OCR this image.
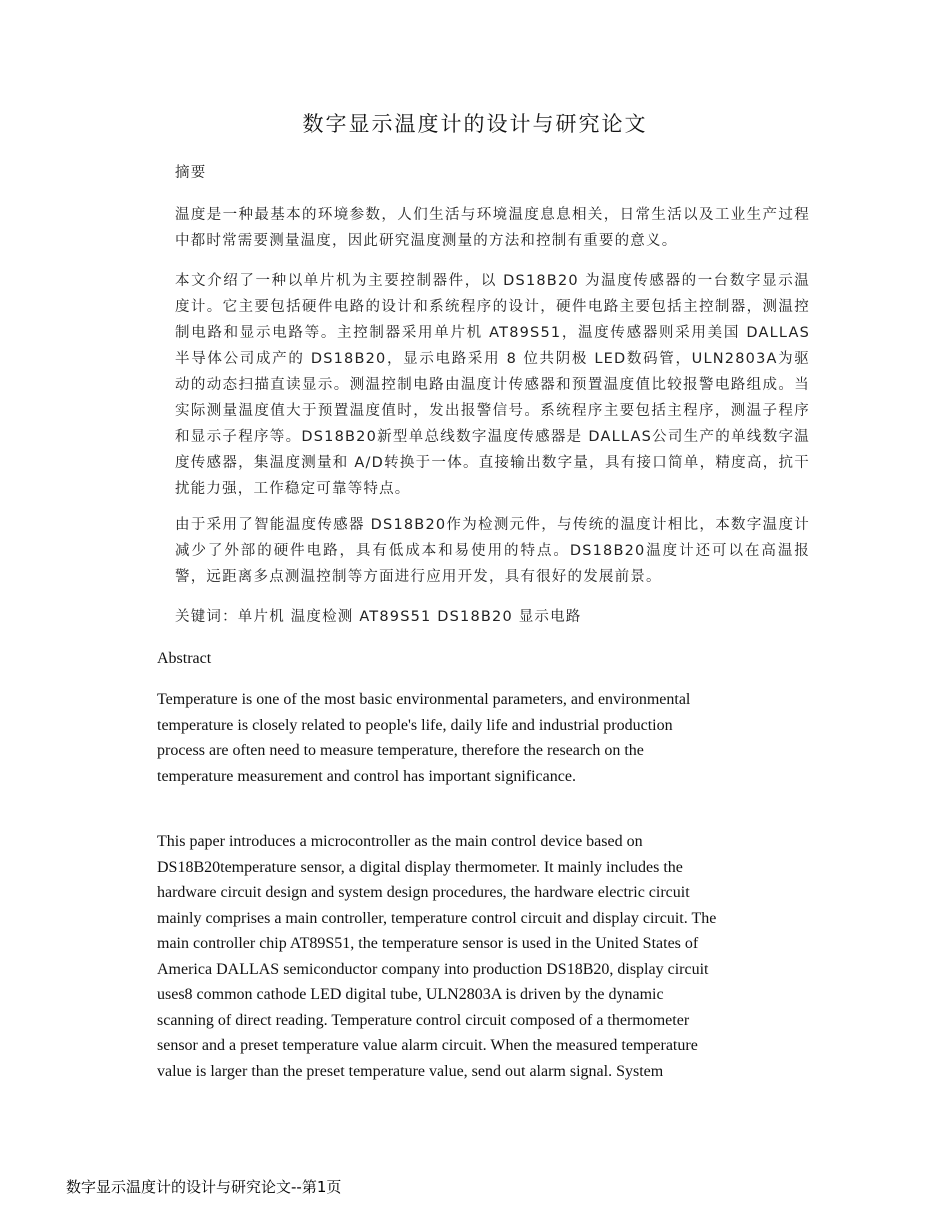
数字显示温度计的设计与研究论文

摘要

温度是一种最基本的环境参数，人们生活与环境温度息息相关，日常生活以及工业生产过程中都时常需要测量温度，因此研究温度测量的方法和控制有重要的意义。

本文介绍了一种以单片机为主要控制器件，以 DS18B20 为温度传感器的一台数字显示温度计。它主要包括硬件电路的设计和系统程序的设计，硬件电路主要包括主控制器，测温控制电路和显示电路等。主控制器采用单片机 AT89S51，温度传感器则采用美国 DALLAS 半导体公司成产的 DS18B20，显示电路采用 8 位共阴极 LED数码管，ULN2803A为驱动的动态扫描直读显示。测温控制电路由温度计传感器和预置温度值比较报警电路组成。当实际测量温度值大于预置温度值时，发出报警信号。系统程序主要包括主程序，测温子程序和显示子程序等。DS18B20新型单总线数字温度传感器是 DALLAS公司生产的单线数字温度传感器，集温度测量和 A/D转换于一体。直接输出数字量，具有接口简单，精度高，抗干扰能力强，工作稳定可靠等特点。

由于采用了智能温度传感器 DS18B20作为检测元件，与传统的温度计相比，本数字温度计减少了外部的硬件电路，具有低成本和易使用的特点。DS18B20温度计还可以在高温报警，远距离多点测温控制等方面进行应用开发，具有很好的发展前景。

关键词：单片机 温度检测 AT89S51 DS18B20 显示电路

Abstract

Temperature is one of the most basic environmental parameters, and environmental temperature is closely related to people's life, daily life and industrial production process are often need to measure temperature, therefore the research on the temperature measurement and control has important significance.

This paper introduces a microcontroller as the main control device based on DS18B20temperature sensor, a digital display thermometer. It mainly includes the hardware circuit design and system design procedures, the hardware electric circuit mainly comprises a main controller, temperature control circuit and display circuit. The main controller chip AT89S51, the temperature sensor is used in the United States of America DALLAS semiconductor company into production DS18B20, display circuit uses8 common cathode LED digital tube, ULN2803A is driven by the dynamic scanning of direct reading. Temperature control circuit composed of a thermometer sensor and a preset temperature value alarm circuit. When the measured temperature value is larger than the preset temperature value, send out alarm signal. System

数字显示温度计的设计与研究论文--第1页
